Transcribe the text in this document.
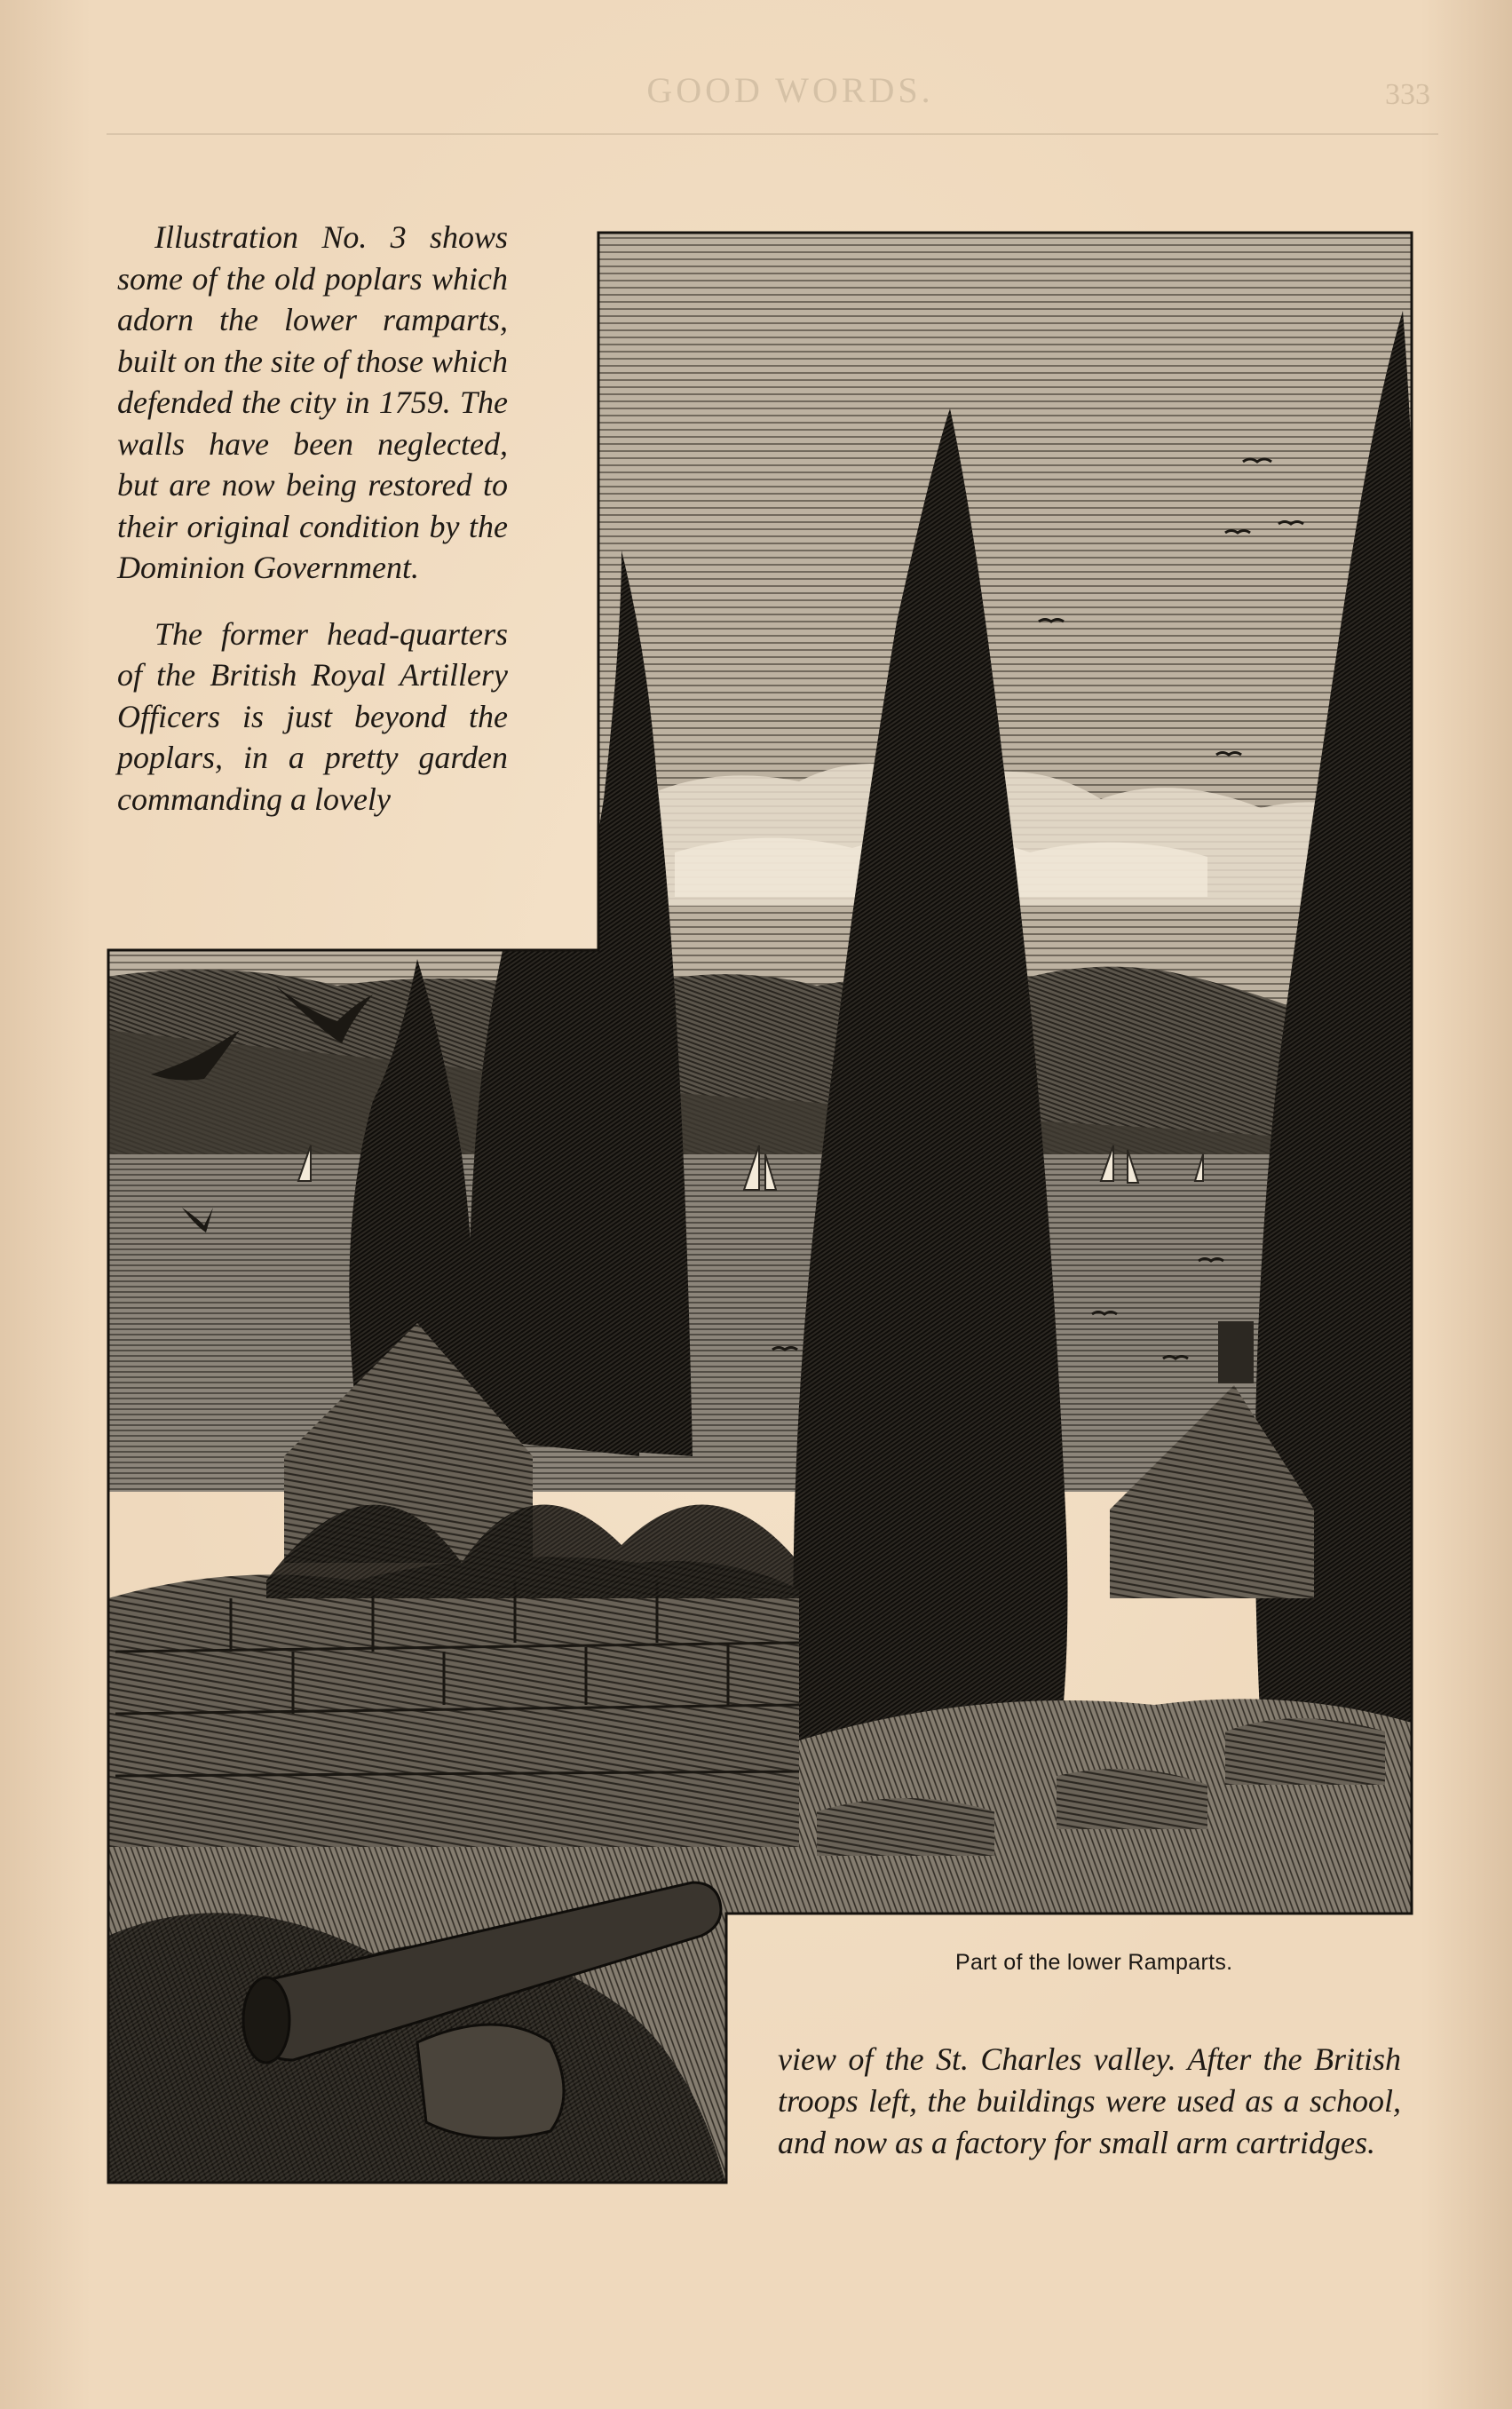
GOOD WORDS.	333

Illustration No. 3 shows some of the old poplars which adorn the lower ramparts, built on the site of those which defended the city in 1759. The walls have been neglected, but are now being restored to their original condition by the Dominion Government.

The former head-quarters of the British Royal Artillery Officers is just beyond the poplars, in a pretty garden commanding a lovely

Part of the lower Ramparts.

view of the St. Charles valley. After the British troops left, the buildings were used as a school, and now as a factory for small arm cartridges.
